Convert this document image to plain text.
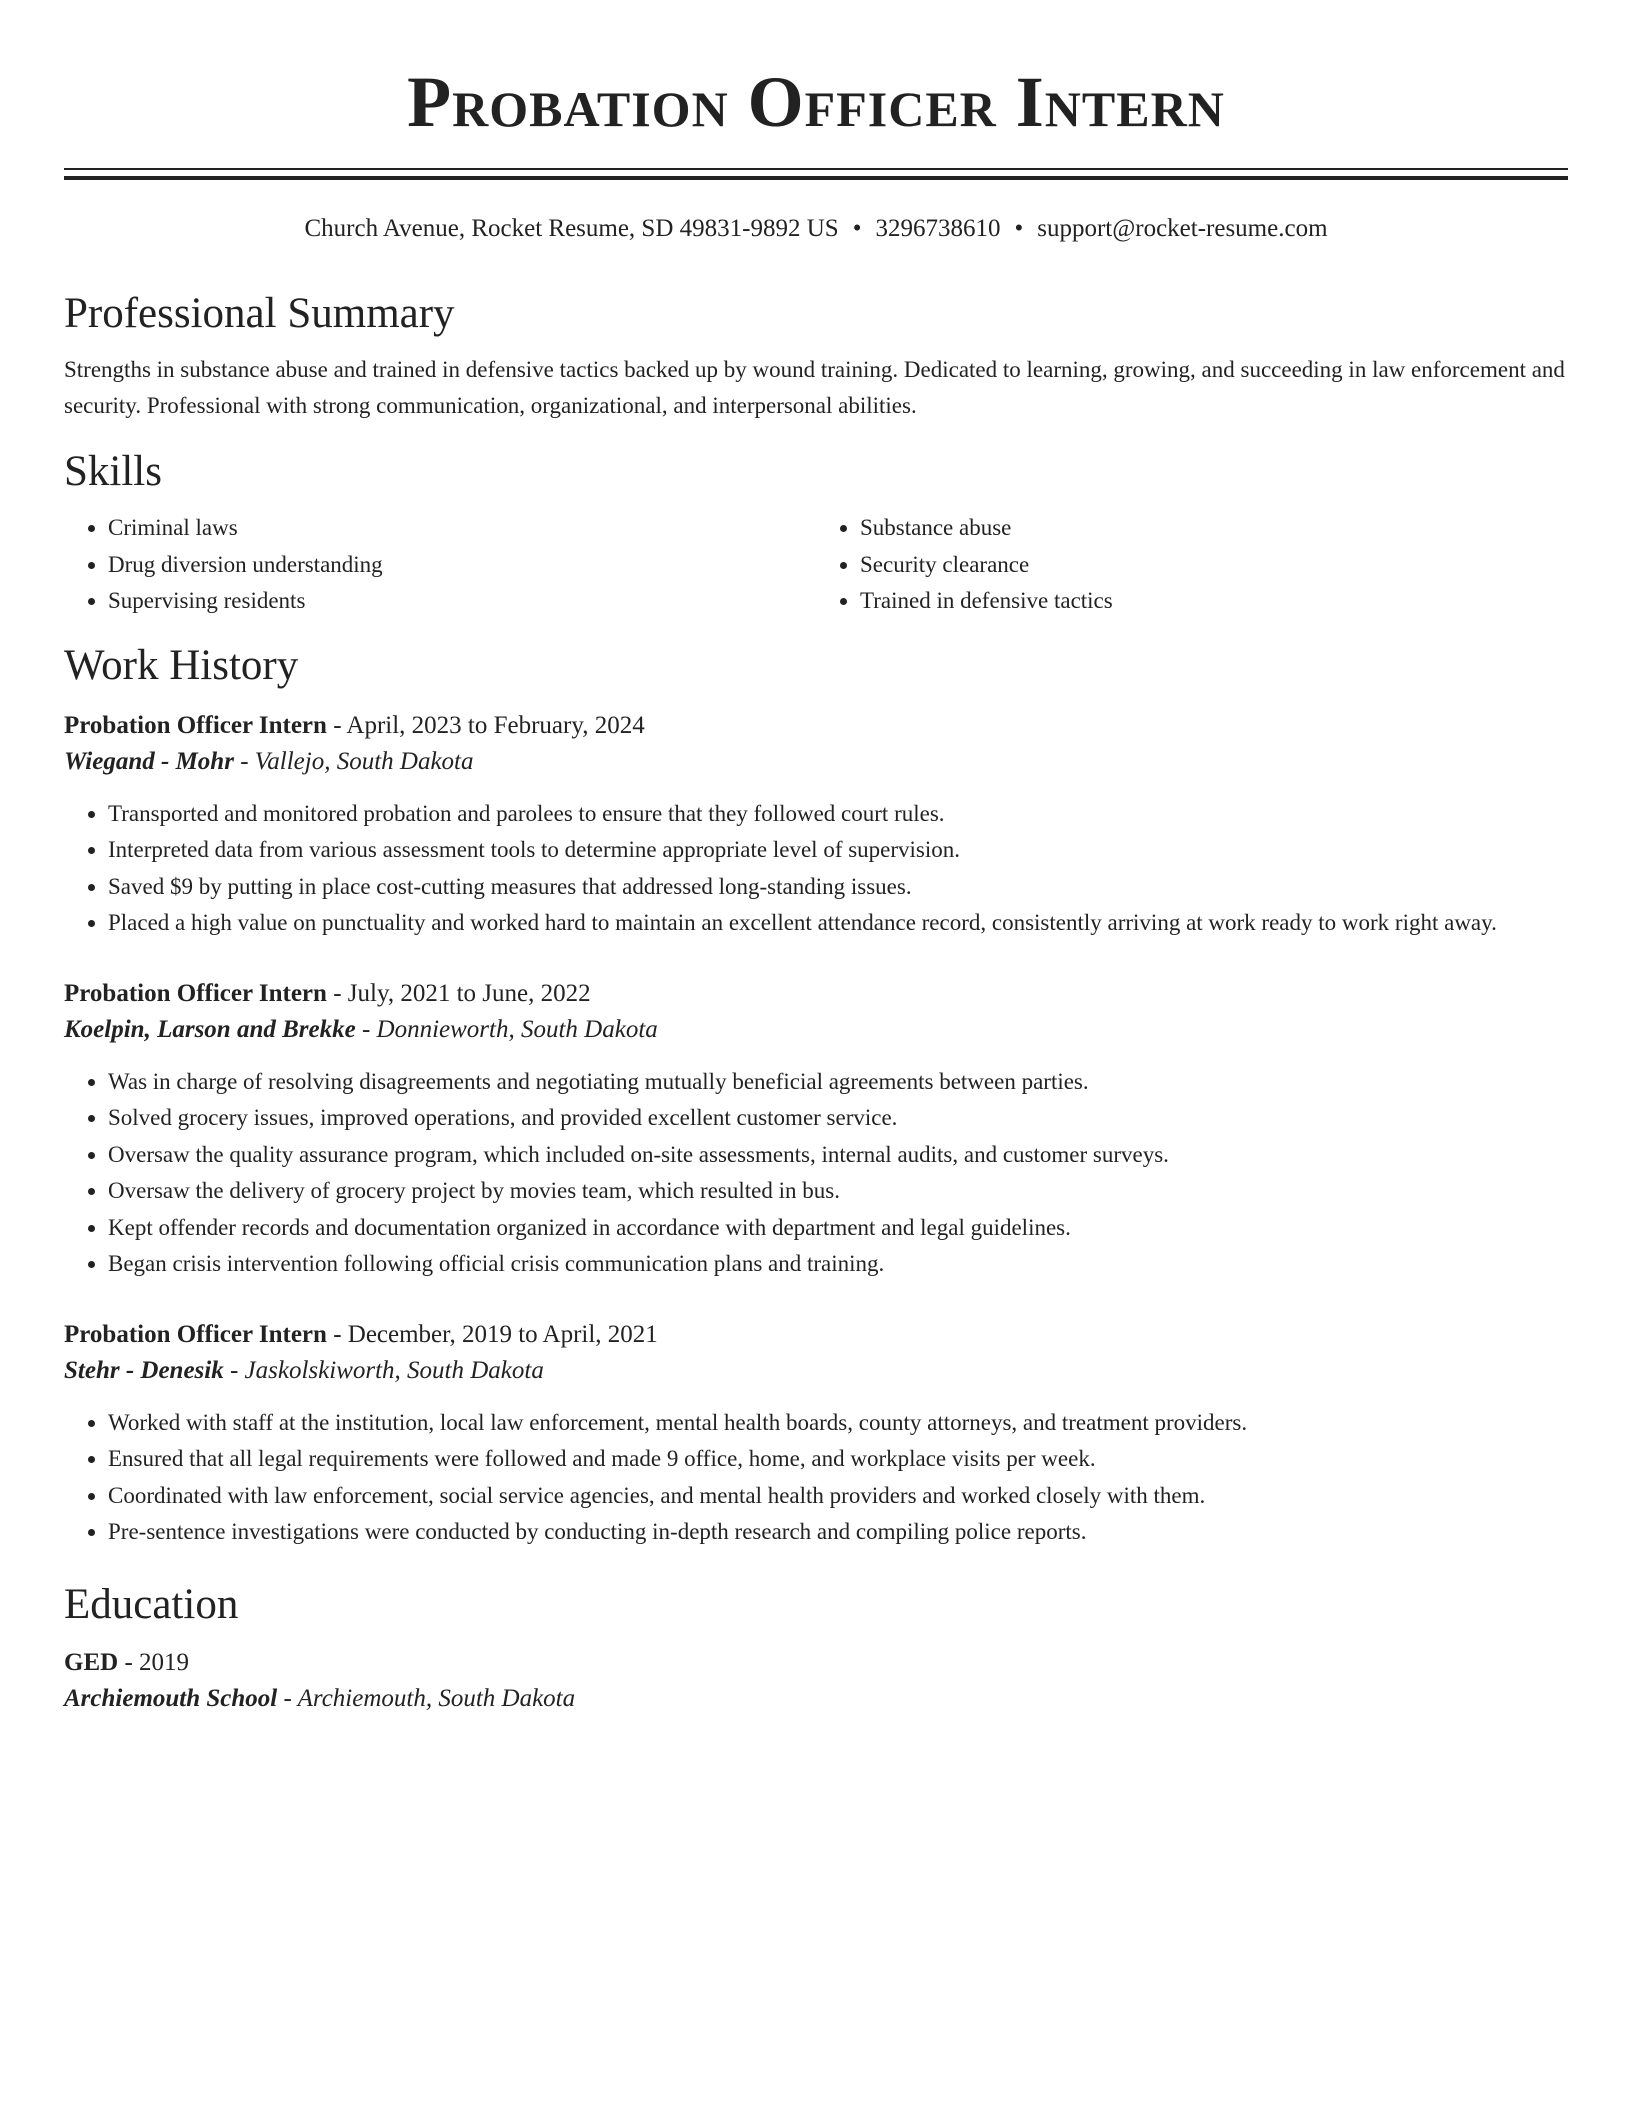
Probation Officer Intern
Church Avenue, Rocket Resume, SD 49831-9892 US • 3296738610 • support@rocket-resume.com
Professional Summary
Strengths in substance abuse and trained in defensive tactics backed up by wound training. Dedicated to learning, growing, and succeeding in law enforcement and security. Professional with strong communication, organizational, and interpersonal abilities.
Skills
• Criminal laws
• Drug diversion understanding
• Supervising residents
• Substance abuse
• Security clearance
• Trained in defensive tactics
Work History
Probation Officer Intern - April, 2023 to February, 2024
Wiegand - Mohr - Vallejo, South Dakota
• Transported and monitored probation and parolees to ensure that they followed court rules.
• Interpreted data from various assessment tools to determine appropriate level of supervision.
• Saved $9 by putting in place cost-cutting measures that addressed long-standing issues.
• Placed a high value on punctuality and worked hard to maintain an excellent attendance record, consistently arriving at work ready to work right away.
Probation Officer Intern - July, 2021 to June, 2022
Koelpin, Larson and Brekke - Donnieworth, South Dakota
• Was in charge of resolving disagreements and negotiating mutually beneficial agreements between parties.
• Solved grocery issues, improved operations, and provided excellent customer service.
• Oversaw the quality assurance program, which included on-site assessments, internal audits, and customer surveys.
• Oversaw the delivery of grocery project by movies team, which resulted in bus.
• Kept offender records and documentation organized in accordance with department and legal guidelines.
• Began crisis intervention following official crisis communication plans and training.
Probation Officer Intern - December, 2019 to April, 2021
Stehr - Denesik - Jaskolskiworth, South Dakota
• Worked with staff at the institution, local law enforcement, mental health boards, county attorneys, and treatment providers.
• Ensured that all legal requirements were followed and made 9 office, home, and workplace visits per week.
• Coordinated with law enforcement, social service agencies, and mental health providers and worked closely with them.
• Pre-sentence investigations were conducted by conducting in-depth research and compiling police reports.
Education
GED - 2019
Archiemouth School - Archiemouth, South Dakota
